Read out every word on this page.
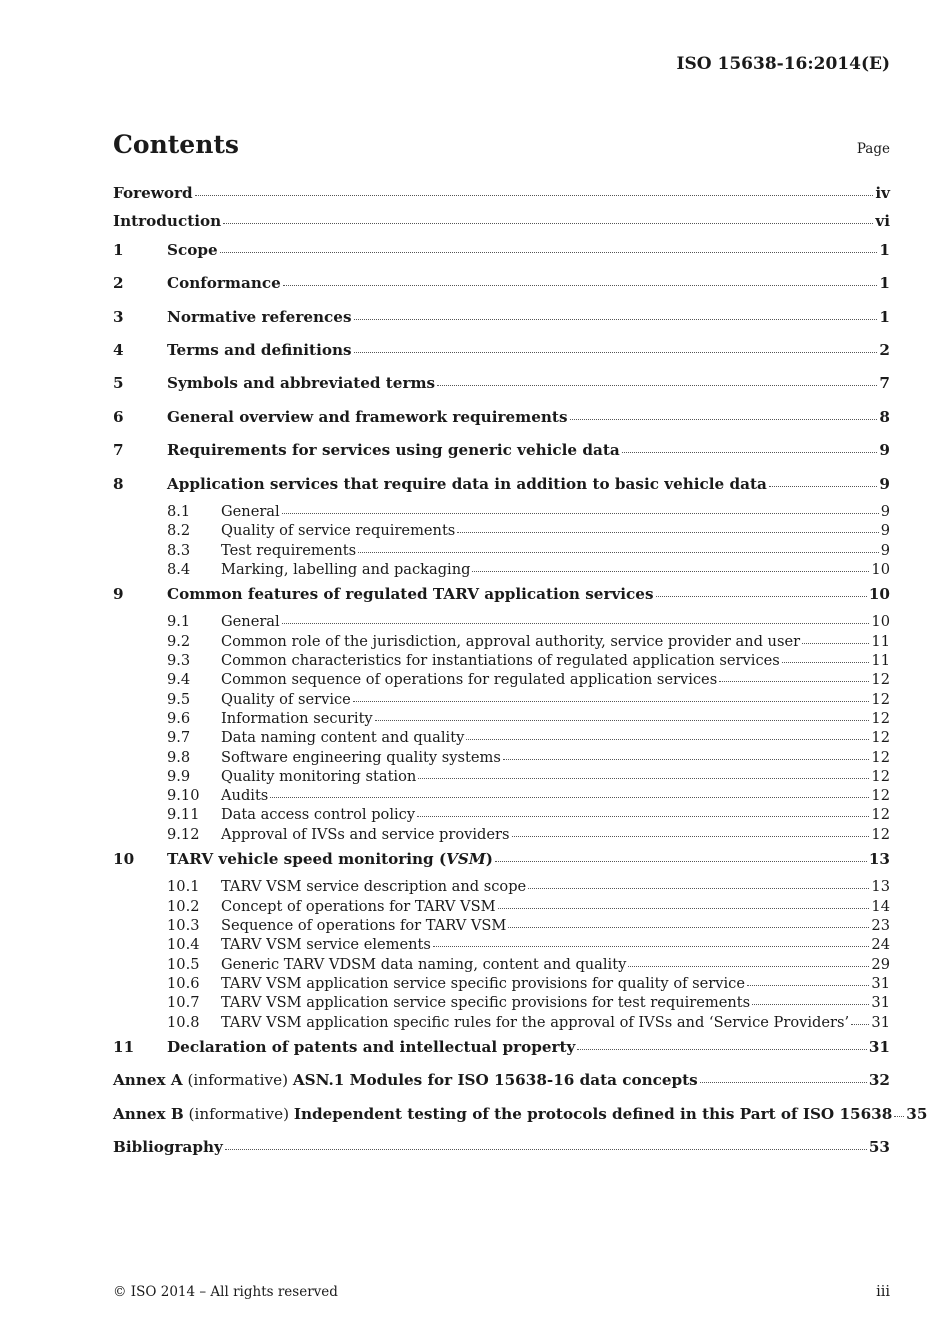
ISO 15638-16:2014(E)
Contents	Page
Foreword	iv
Introduction	vi
1	Scope	1
2	Conformance	1
3	Normative references	1
4	Terms and definitions	2
5	Symbols and abbreviated terms	7
6	General overview and framework requirements	8
7	Requirements for services using generic vehicle data	9
8	Application services that require data in addition to basic vehicle data	9
8.1	General	9
8.2	Quality of service requirements	9
8.3	Test requirements	9
8.4	Marking, labelling and packaging	10
9	Common features of regulated TARV application services	10
9.1	General	10
9.2	Common role of the jurisdiction, approval authority, service provider and user	11
9.3	Common characteristics for instantiations of regulated application services	11
9.4	Common sequence of operations for regulated application services	12
9.5	Quality of service	12
9.6	Information security	12
9.7	Data naming content and quality	12
9.8	Software engineering quality systems	12
9.9	Quality monitoring station	12
9.10	Audits	12
9.11	Data access control policy	12
9.12	Approval of IVSs and service providers	12
10	TARV vehicle speed monitoring (VSM)	13
10.1	TARV VSM service description and scope	13
10.2	Concept of operations for TARV VSM	14
10.3	Sequence of operations for TARV VSM	23
10.4	TARV VSM service elements	24
10.5	Generic TARV VDSM data naming, content and quality	29
10.6	TARV VSM application service specific provisions for quality of service	31
10.7	TARV VSM application service specific provisions for test requirements	31
10.8	TARV VSM application specific rules for the approval of IVSs and ‘Service Providers’ 31
11	Declaration of patents and intellectual property	31
Annex A (informative) ASN.1 Modules for ISO 15638-16 data concepts	32
Annex B (informative) Independent testing of the protocols defined in this Part of ISO 15638 35
Bibliography	53
© ISO 2014 – All rights reserved	iii
